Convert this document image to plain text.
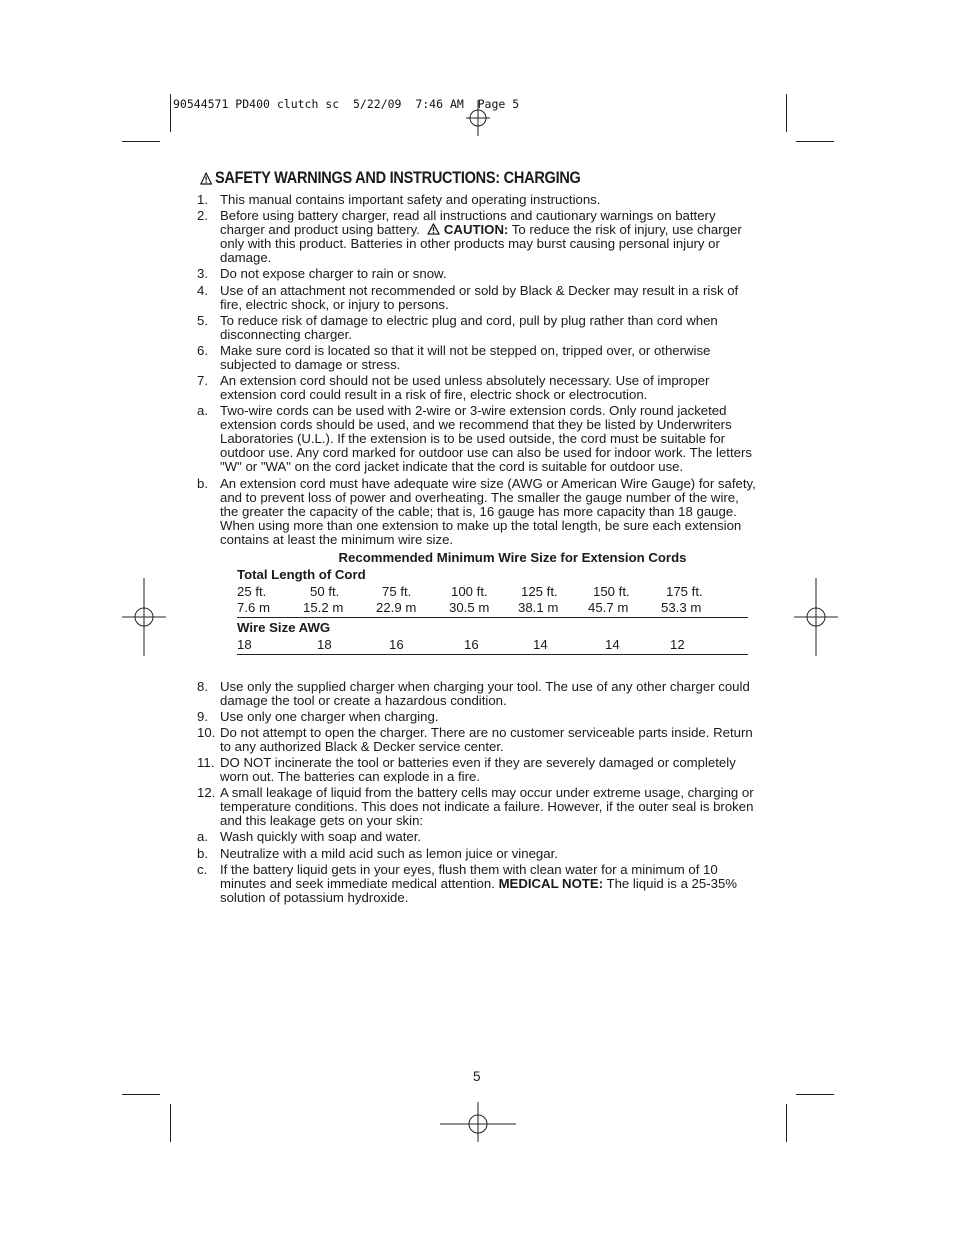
90544571 PD400 clutch sc  5/22/09  7:46 AM  Page 5
SAFETY WARNINGS AND INSTRUCTIONS: CHARGING
1. This manual contains important safety and operating instructions.
2. Before using battery charger, read all instructions and cautionary warnings on battery charger and product using battery. CAUTION: To reduce the risk of injury, use charger only with this product. Batteries in other products may burst causing personal injury or damage.
3. Do not expose charger to rain or snow.
4. Use of an attachment not recommended or sold by Black & Decker may result in a risk of fire, electric shock, or injury to persons.
5. To reduce risk of damage to electric plug and cord, pull by plug rather than cord when disconnecting charger.
6. Make sure cord is located so that it will not be stepped on, tripped over, or otherwise subjected to damage or stress.
7. An extension cord should not be used unless absolutely necessary. Use of improper extension cord could result in a risk of fire, electric shock or electrocution.
a. Two-wire cords can be used with 2-wire or 3-wire extension cords. Only round jacketed extension cords should be used, and we recommend that they be listed by Underwriters Laboratories (U.L.). If the extension is to be used outside, the cord must be suitable for outdoor use. Any cord marked for outdoor use can also be used for indoor work. The letters "W" or "WA" on the cord jacket indicate that the cord is suitable for outdoor use.
b. An extension cord must have adequate wire size (AWG or American Wire Gauge) for safety, and to prevent loss of power and overheating. The smaller the gauge number of the wire, the greater the capacity of the cable; that is, 16 gauge has more capacity than 18 gauge. When using more than one extension to make up the total length, be sure each extension contains at least the minimum wire size.
Recommended Minimum Wire Size for Extension Cords
Total Length of Cord
25 ft.	50 ft.	75 ft.	100 ft.	125 ft.	150 ft.	175 ft.
7.6 m	15.2 m	22.9 m	30.5 m	38.1 m	45.7 m	53.3 m
Wire Size AWG
18	18	16	16	14	14	12
8. Use only the supplied charger when charging your tool. The use of any other charger could damage the tool or create a hazardous condition.
9. Use only one charger when charging.
10. Do not attempt to open the charger. There are no customer serviceable parts inside. Return to any authorized Black & Decker service center.
11. DO NOT incinerate the tool or batteries even if they are severely damaged or completely worn out. The batteries can explode in a fire.
12. A small leakage of liquid from the battery cells may occur under extreme usage, charging or temperature conditions. This does not indicate a failure. However, if the outer seal is broken and this leakage gets on your skin:
a. Wash quickly with soap and water.
b. Neutralize with a mild acid such as lemon juice or vinegar.
c. If the battery liquid gets in your eyes, flush them with clean water for a minimum of 10 minutes and seek immediate medical attention. MEDICAL NOTE: The liquid is a 25-35% solution of potassium hydroxide.
5
